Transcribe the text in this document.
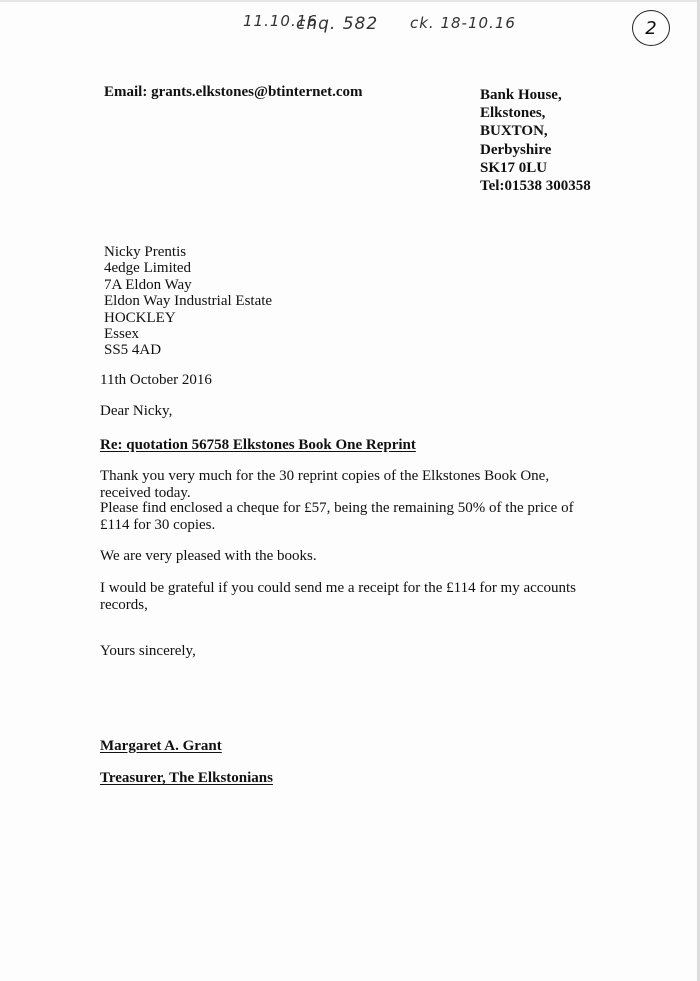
11.10.16
chq. 582 ck. 18-10.16	2
Email: grants.elkstones@btinternet.com	Bank House,
Elkstones,
BUXTON,
Derbyshire
SK17 0LU
Tel:01538 300358
Nicky Prentis
4edge Limited
7A Eldon Way
Eldon Way Industrial Estate
HOCKLEY
Essex
SS5 4AD
11th October 2016
Dear Nicky,
Re: quotation 56758 Elkstones Book One Reprint
Thank you very much for the 30 reprint copies of the Elkstones Book One, received today.
Please find enclosed a cheque for £57, being the remaining 50% of the price of £114 for 30 copies.
We are very pleased with the books.
I would be grateful if you could send me a receipt for the £114 for my accounts records,
Yours sincerely,
Margaret A. Grant
Treasurer, The Elkstonians
